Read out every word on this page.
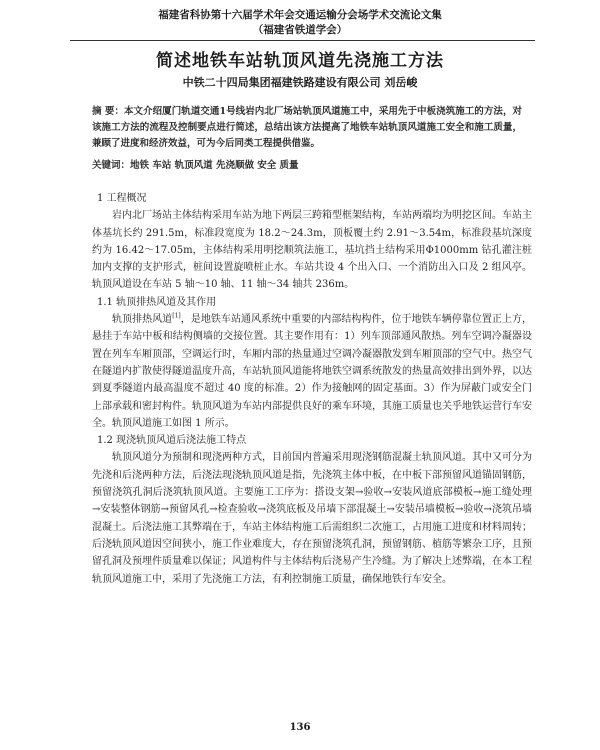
福建省科协第十六届学术年会交通运输分会场学术交流论文集
（福建省铁道学会）
简述地铁车站轨顶风道先浇施工方法
中铁二十四局集团福建铁路建设有限公司 刘岳峻
摘 要：本文介绍厦门轨道交通1号线岩内北厂场站轨顶风道施工中，采用先于中板浇筑施工的方法，对该施工方法的流程及控制要点进行简述，总结出该方法提高了地铁车站轨顶风道施工安全和施工质量，兼顾了进度和经济效益，可为今后同类工程提供借鉴。
关键词：地铁 车站 轨顶风道 先浇顺做 安全 质量
1 工程概况

岩内北厂场站主体结构采用车站为地下两层三跨箱型框架结构，车站两端均为明挖区间。车站主体基坑长约 291.5m，标准段宽度为 18.2～24.3m，顶板覆土约 2.91～3.54m，标准段基坑深度约为 16.42～17.05m，主体结构采用明挖顺筑法施工，基坑挡土结构采用Φ1000mm 钻孔灌注桩加内支撑的支护形式，桩间设置旋喷桩止水。车站共设 4 个出入口、一个消防出入口及 2 组风亭。轨顶风道设在车站 5 轴～10 轴、11 轴～34 轴共 236m。

1.1 轨顶排热风道及其作用

轨顶排热风道[1]，是地铁车站通风系统中重要的内部结构构件，位于地铁车辆停靠位置正上方，悬挂于车站中板和结构侧墙的交接位置。其主要作用有：1）列车顶部通风散热。列车空调冷凝器设置在列车车厢顶部，空调运行时，车厢内部的热量通过空调冷凝器散发到车厢顶部的空气中。热空气在隧道内扩散使得隧道温度升高，车站轨顶风道能将地铁空调系统散发的热量高效排出到外界，以达到夏季隧道内最高温度不超过 40 度的标准。2）作为接触网的固定基面。3）作为屏蔽门或安全门上部承载和密封构件。轨顶风道为车站内部提供良好的乘车环境，其施工质量也关乎地铁运营行车安全。轨顶风道施工如图 1 所示。

1.2 现浇轨顶风道后浇法施工特点

轨顶风道分为预制和现浇两种方式，目前国内普遍采用现浇钢筋混凝土轨顶风道。其中又可分为先浇和后浇两种方法，后浇法现浇轨顶风道是指，先浇筑主体中板，在中板下部预留风道锚固钢筋，预留浇筑孔洞后浇筑轨顶风道。主要施工工序为：搭设支架→验收→安装风道底部模板→施工缝处理→安装整体钢筋→预留风孔→检查验收→浇筑底板及吊墙下部混凝土→安装吊墙模板→验收→浇筑吊墙混凝土。后浇法施工其弊端在于，车站主体结构施工后需组织二次施工，占用施工进度和材料周转；后浇轨顶风道因空间狭小，施工作业难度大，存在预留浇筑孔洞，预留钢筋、植筋等繁杂工序，且预留孔洞及预埋件质量难以保证；风道构件与主体结构后浇易产生冷缝。为了解决上述弊端，在本工程轨顶风道施工中，采用了先浇施工方法，有利控制施工质量，确保地铁行车安全。

136
